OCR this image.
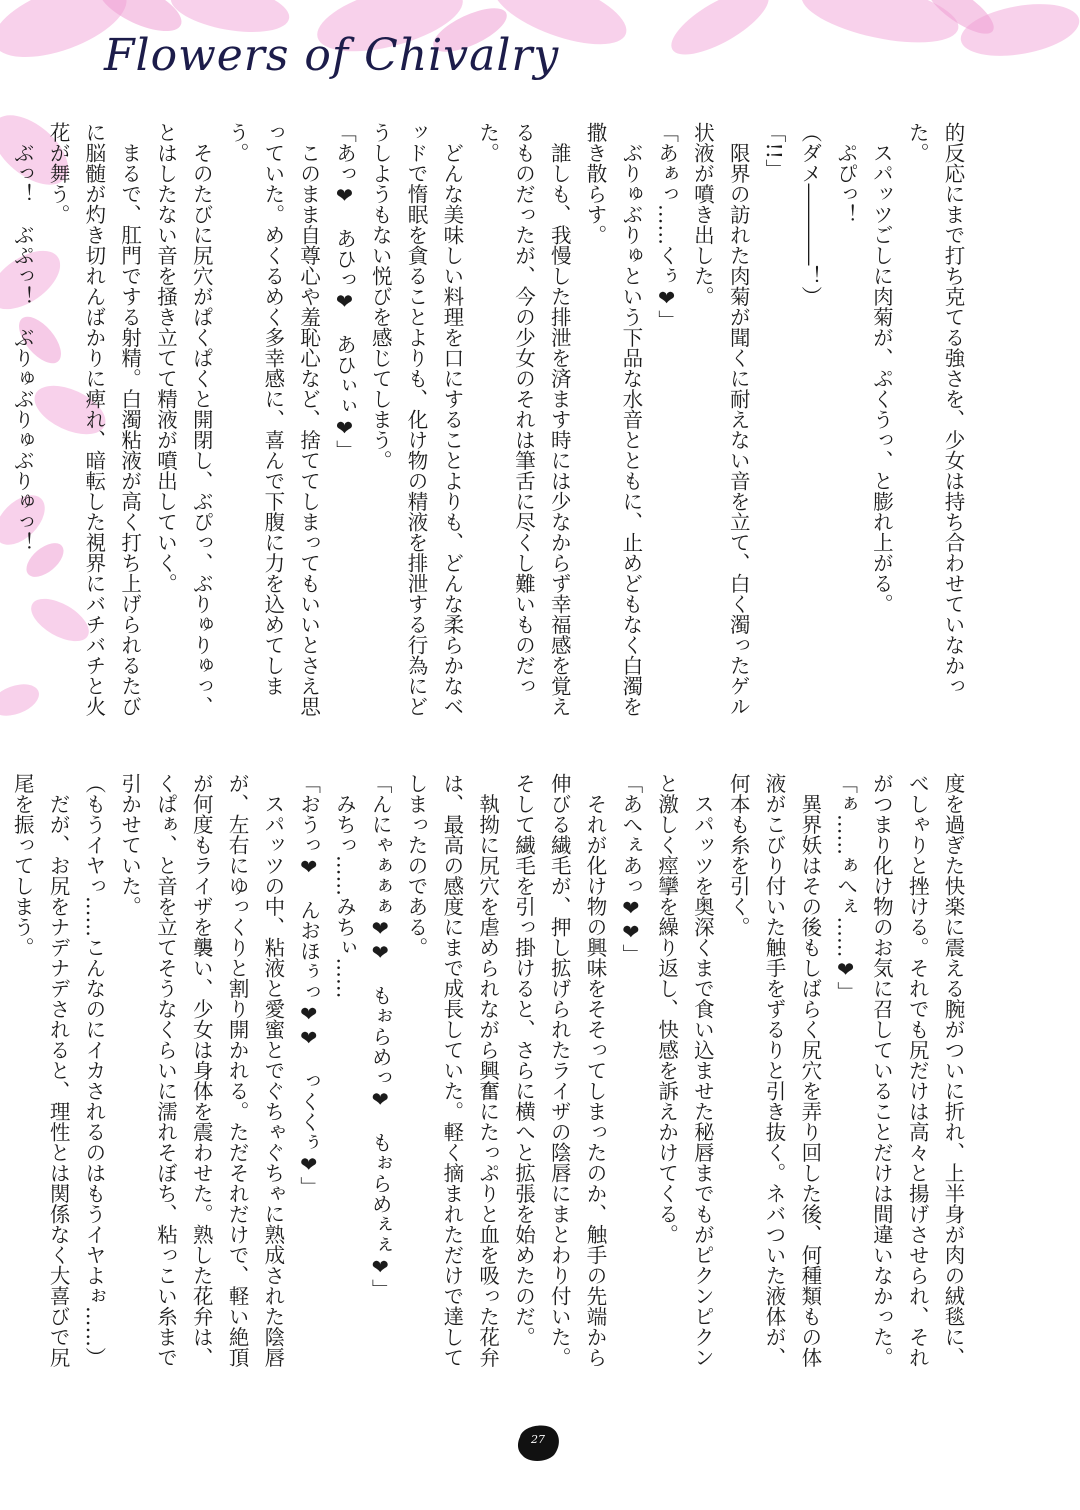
Flowers of Chivalry

的反応にまで打ち克てる強さを、少女は持ち合わせていなかった。

　スパッツごしに肉菊が、ぷくうっ、と膨れ上がる。

　ぷぴっ！

（ダメ――――！）

「!!」

　限界の訪れた肉菊が聞くに耐えない音を立て、白く濁ったゲル状液が噴き出した。

「あぁっ……くぅ❤」

　ぶりゅぶりゅという下品な水音とともに、止めどもなく白濁を撒き散らす。

　誰しも、我慢した排泄を済ます時には少なからず幸福感を覚えるものだったが、今の少女のそれは筆舌に尽くし難いものだった。

　どんな美味しい料理を口にすることよりも、どんな柔らかなベッドで惰眠を貪ることよりも、化け物の精液を排泄する行為にどうしようもない悦びを感じてしまう。

「あっ❤　あひっ❤　あひぃぃ❤」

　このまま自尊心や羞恥心など、捨ててしまってもいいとさえ思っていた。めくるめく多幸感に、喜んで下腹に力を込めてしまう。

　そのたびに尻穴がぱくぱくと開閉し、ぶぴっ、ぶりゅりゅっ、とはしたない音を掻き立てて精液が噴出していく。

　まるで、肛門でする射精。白濁粘液が高く打ち上げられるたびに脳髄が灼き切れんばかりに痺れ、暗転した視界にバチバチと火花が舞う。

　ぶっ！　ぶぷっ！　ぶりゅぶりゅぶりゅっ！

度を過ぎた快楽に震える腕がついに折れ、上半身が肉の絨毯に、べしゃりと挫ける。それでも尻だけは高々と揚げさせられ、それがつまり化け物のお気に召していることだけは間違いなかった。

「ぁ……ぁへぇ……❤」

　異界妖はその後もしばらく尻穴を弄り回した後、何種類もの体液がこびり付いた触手をずるりと引き抜く。ネバついた液体が、何本も糸を引く。

　スパッツを奥深くまで食い込ませた秘唇までもがピクンピクンと激しく痙攣を繰り返し、快感を訴えかけてくる。

「あへぇあっ❤❤」

　それが化け物の興味をそそってしまったのか、触手の先端から伸びる繊毛が、押し拡げられたライザの陰唇にまとわり付いた。そして繊毛を引っ掛けると、さらに横へと拡張を始めたのだ。

　執拗に尻穴を虐められながら興奮にたっぷりと血を吸った花弁は、最高の感度にまで成長していた。軽く摘まれただけで達してしまったのである。

「んにゃぁぁぁ❤❤　もぉらめっ❤　もぉらめぇぇ❤」

　みちっ……みちぃ……

「おうっ❤　んおほぅっ❤❤　っくくぅ❤」

　スパッツの中、粘液と愛蜜とでぐちゃぐちゃに熟成された陰唇が、左右にゆっくりと割り開かれる。ただそれだけで、軽い絶頂が何度もライザを襲い、少女は身体を震わせた。熟した花弁は、くぱぁ、と音を立てそうなくらいに濡れそぼち、粘っこい糸まで引かせていた。

（もうイヤっ……こんなのにイカされるのはもうイヤよぉ……）

　だが、お尻をナデナデされると、理性とは関係なく大喜びで尻尾を振ってしまう。

27
